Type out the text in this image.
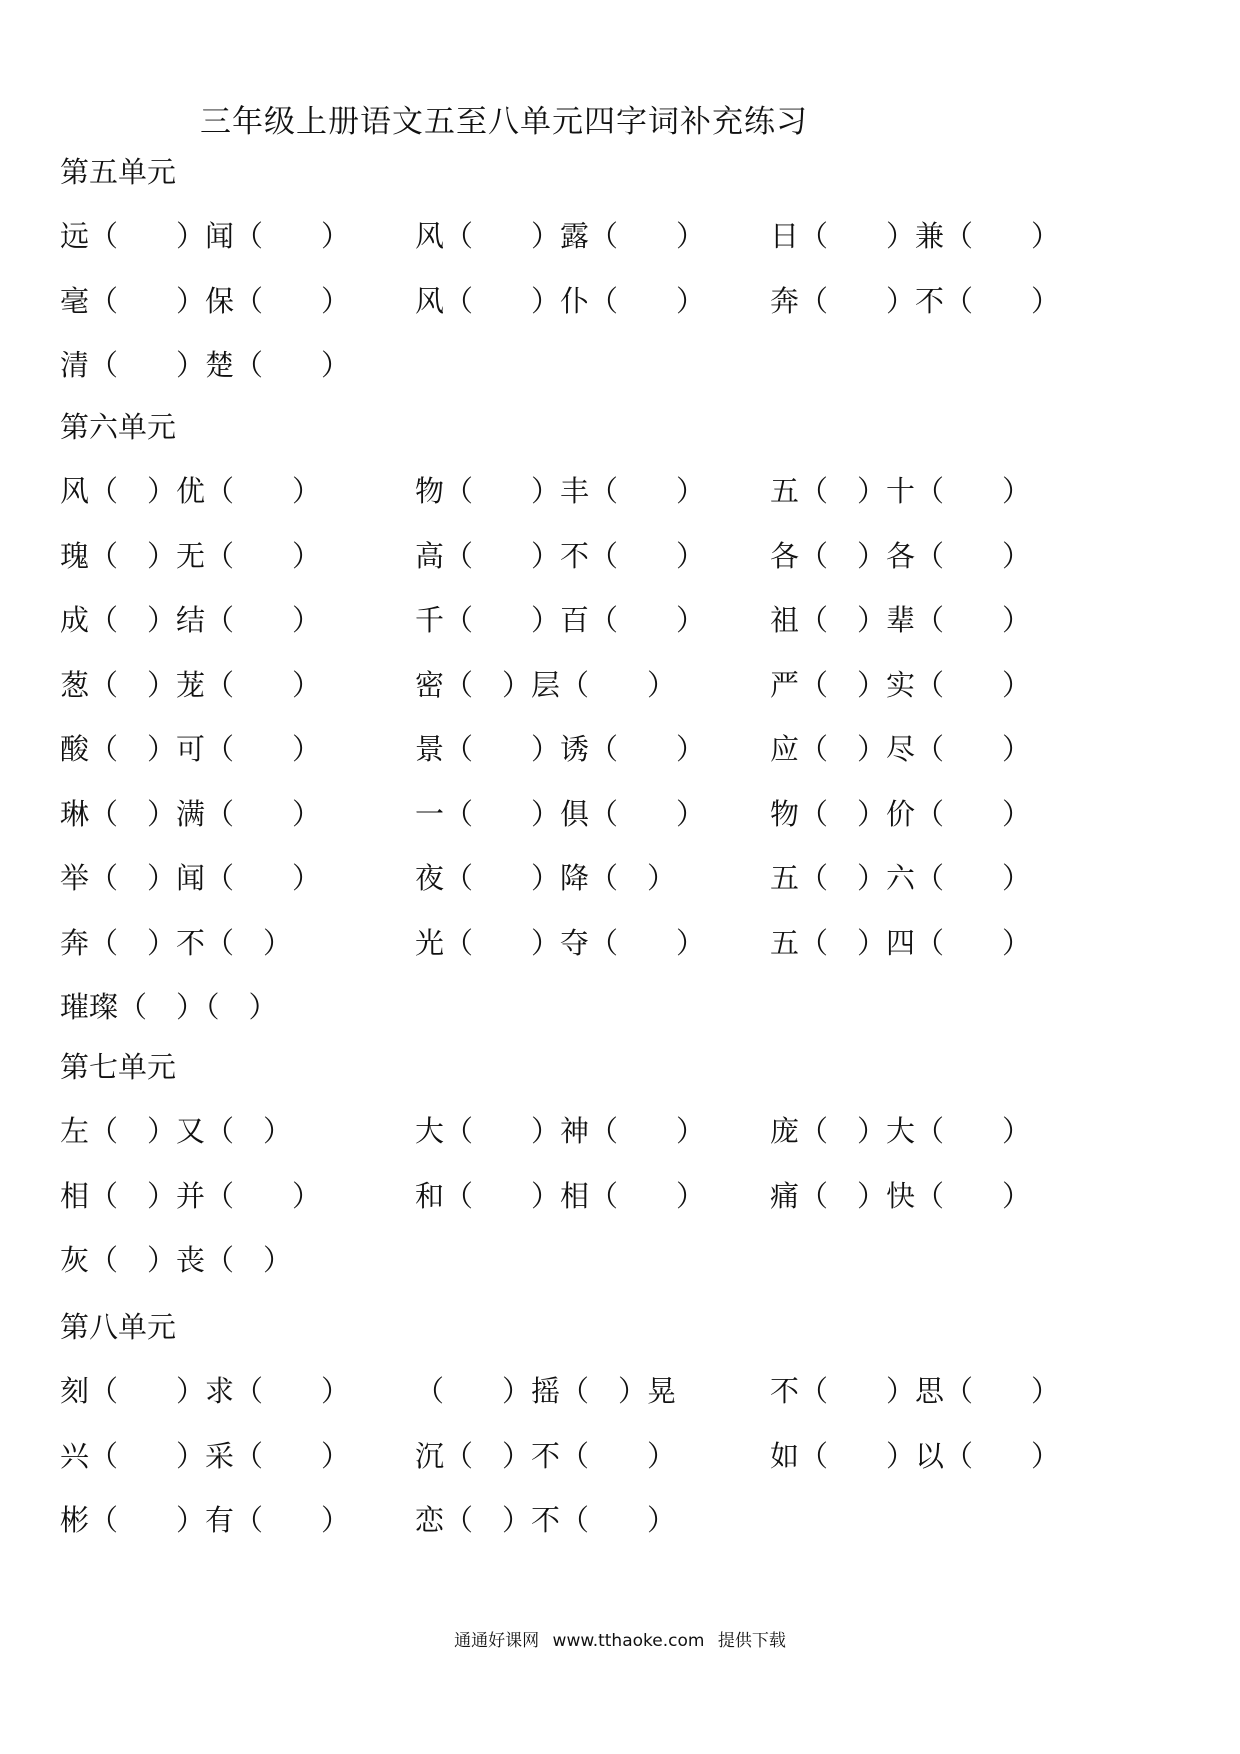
三年级上册语文五至八单元四字词补充练习
第五单元
远（　　）闻（　　） 风（　　）露（　　） 日（　　）兼（　　）
毫（　　）保（　　） 风（　　）仆（　　） 奔（　　）不（　　）
清（　　）楚（　　）
第六单元
风（　）优（　　）	物（　　）丰（　　） 五（　）十（　　）
瑰（　）无（　　）	高（　　）不（　　） 各（　）各（　　）
成（　）结（　　）	千（　　）百（　　） 祖（　）辈（　　）
葱（　）茏（　　）	密（　）层（　　）	严（　）实（　　）
酸（　）可（　　）	景（　　）诱（　　） 应（　）尽（　　）
琳（　）满（　　）	一（　　）俱（　　） 物（　）价（　　）
举（　）闻（　　）	夜（　　）降（　）	五（　）六（　　）
奔（　）不（　）	光（　　）夺（　　） 五（　）四（　　）
璀璨（　）（　）
第七单元
左（　）又（　）	大（　　）神（　　） 庞（　）大（　　）
相（　）并（　　）	和（　　）相（　　） 痛（　）快（　　）
灰（　）丧（　）
第八单元
刻（　　）求（　　） （　　）摇（　）晃	不（　　）思（　　）
兴（　　）采（　　） 沉（　）不（　　）	如（　　）以（　　）
彬（　　）有（　　） 恋（　）不（　　）
通通好课网 www.tthaoke.com 提供下载
